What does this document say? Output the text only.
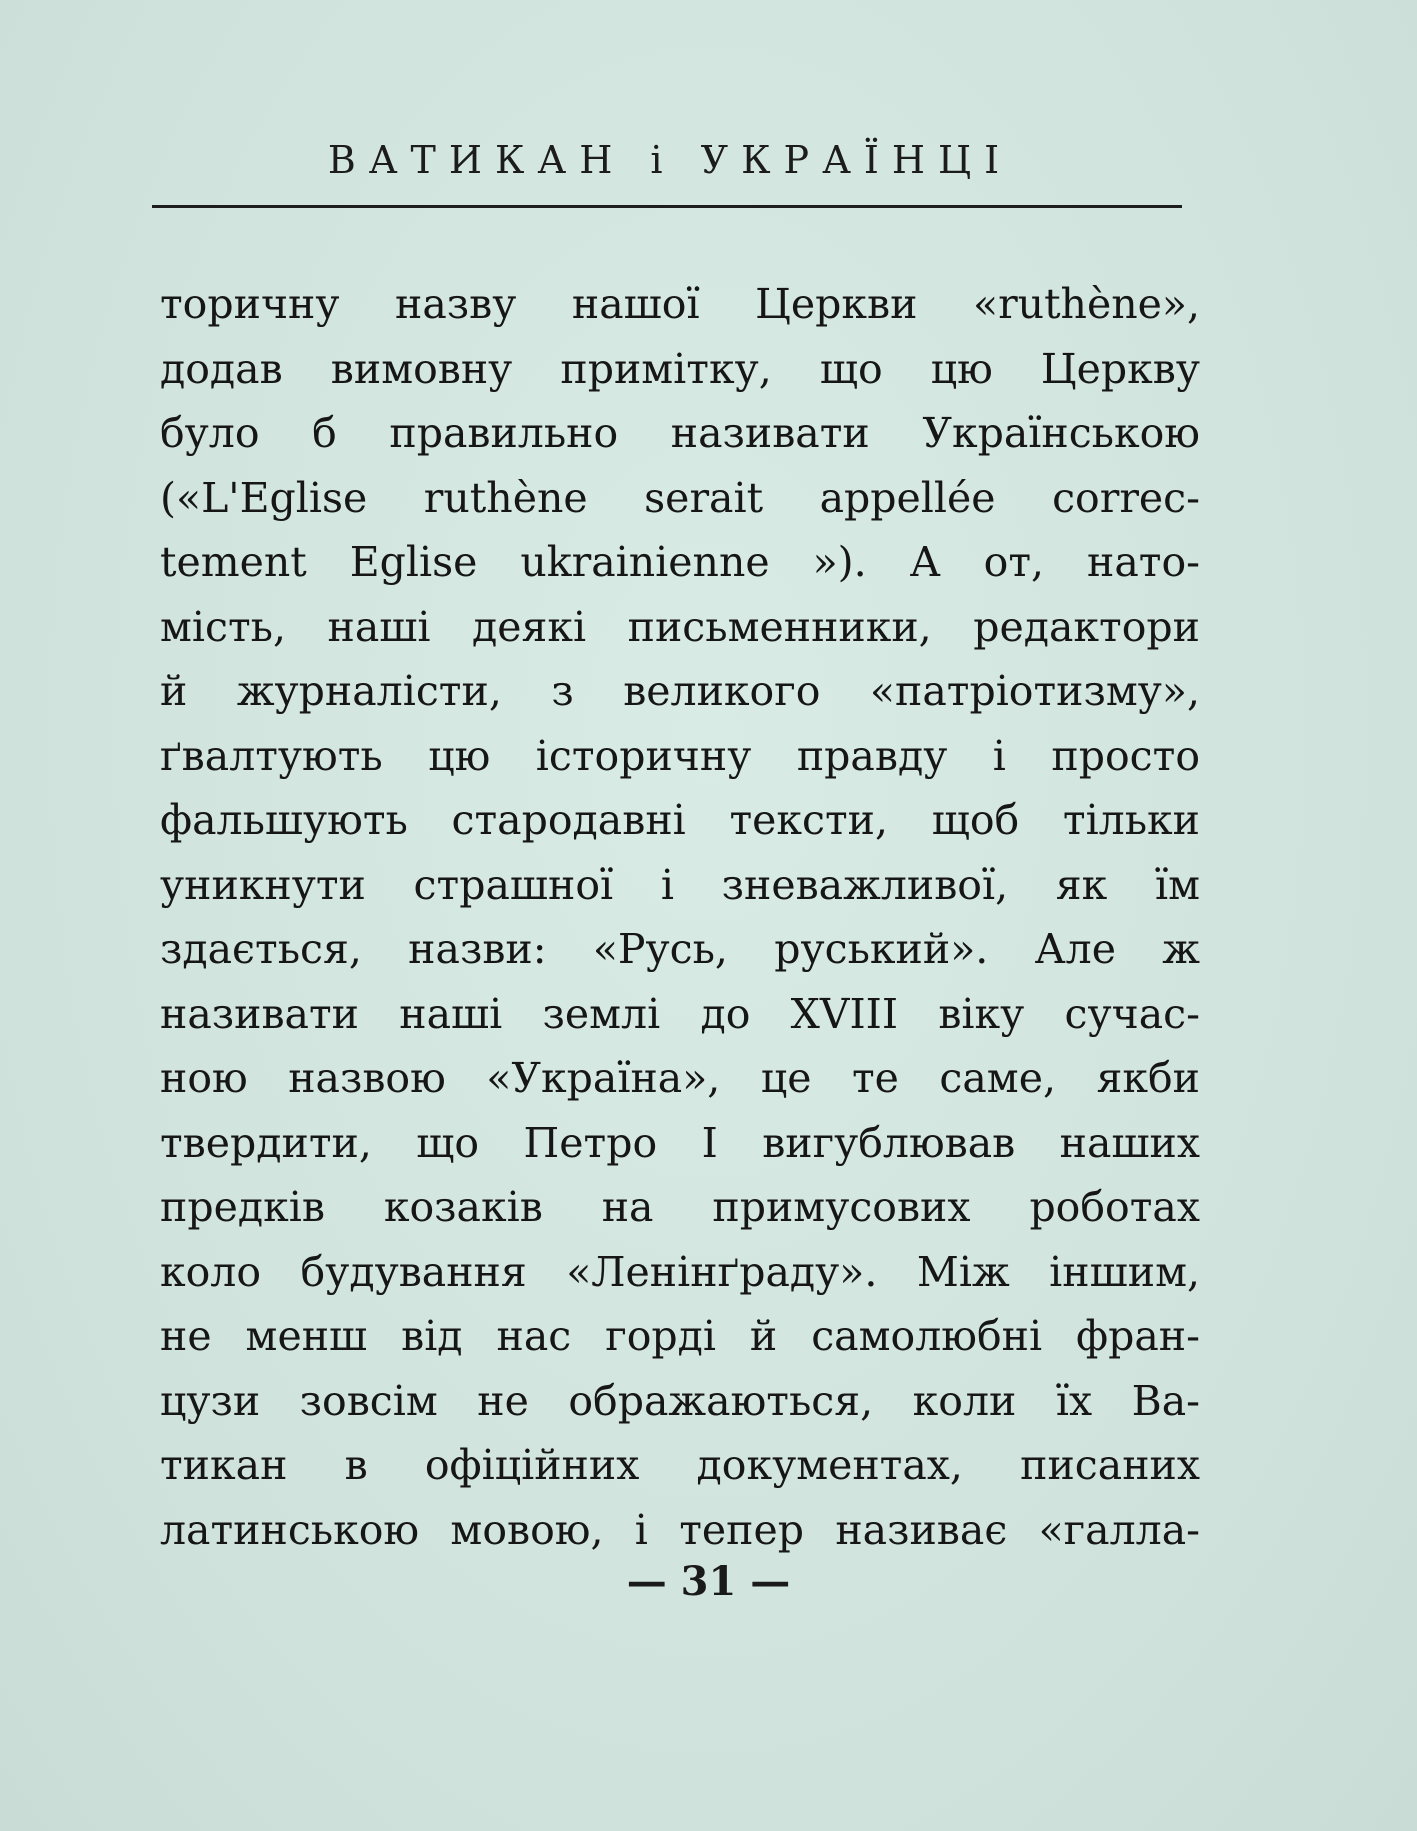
ВАТИКАН і УКРАЇНЦІ
торичну назву нашої Церкви «ruthène»,
додав вимовну примітку, що цю Церкву
було б правильно називати Українською
(«L'Eglise ruthène serait appellée correc-
tement Eglise ukrainienne »). А от, нато-
мість, наші деякі письменники, редактори
й журналісти, з великого «патріотизму»,
ґвалтують цю історичну правду і просто
фальшують стародавні тексти, щоб тільки
уникнути страшної і зневажливої, як їм
здається, назви: «Русь, руський». Але ж
називати наші землі до XVIII віку сучас-
ною назвою «Україна», це те саме, якби
твердити, що Петро I вигублював наших
предків козаків на примусових роботах
коло будування «Ленінґраду». Між іншим,
не менш від нас горді й самолюбні фран-
цузи зовсім не ображаються, коли їх Ва-
тикан в офіційних документах, писаних
латинською мовою, і тепер називає «галла-
— 31 —
